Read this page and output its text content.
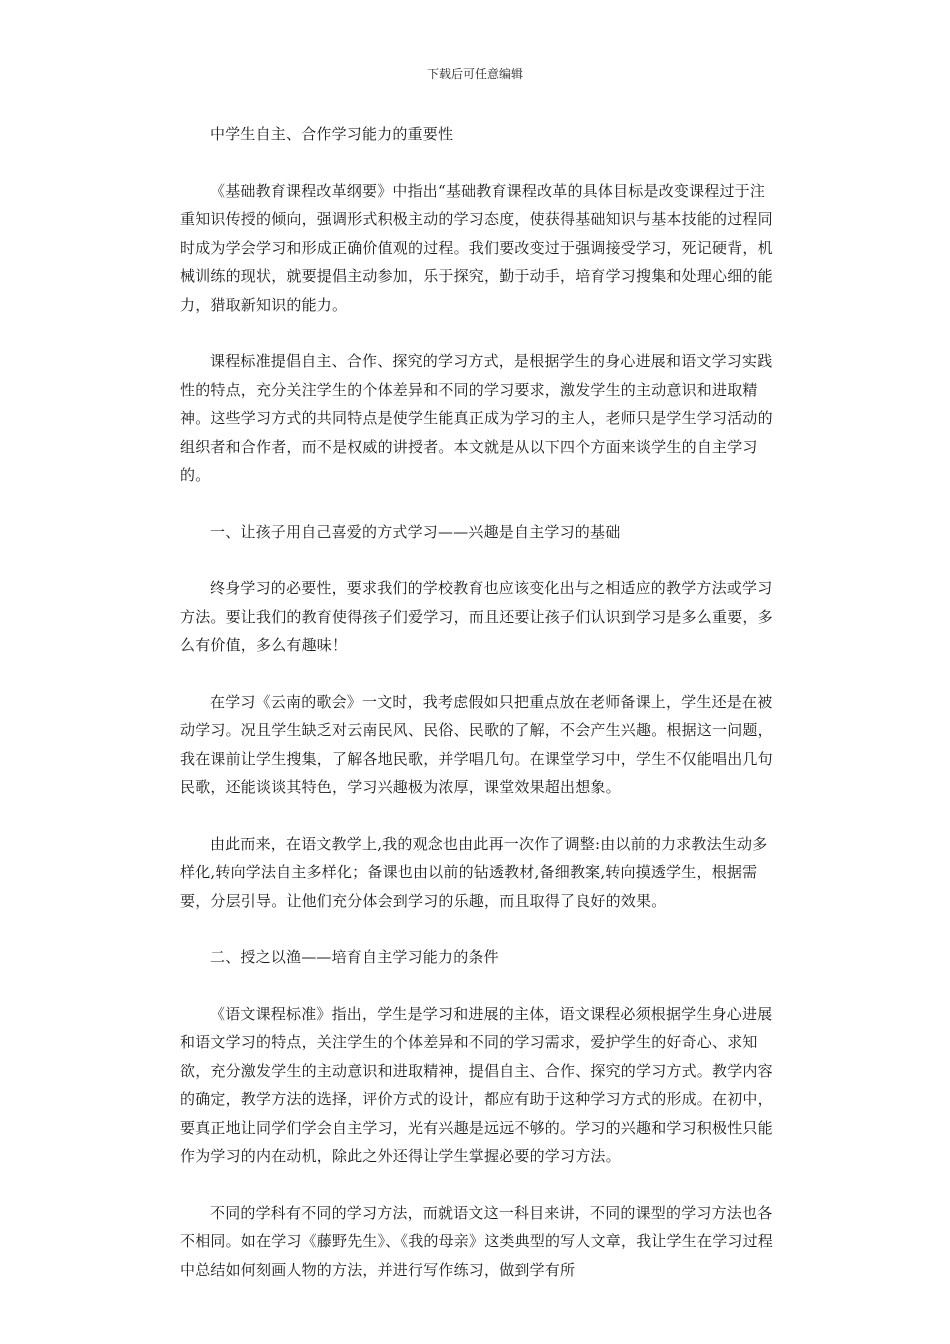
下载后可任意编辑

中学生自主、合作学习能力的重要性

《基础教育课程改革纲要》中指出“基础教育课程改革的具体目标是改变课程过于注重知识传授的倾向，强调形式积极主动的学习态度，使获得基础知识与基本技能的过程同时成为学会学习和形成正确价值观的过程。我们要改变过于强调接受学习，死记硬背，机械训练的现状，就要提倡主动参加，乐于探究，勤于动手，培育学习搜集和处理心细的能力，猎取新知识的能力。

课程标准提倡自主、合作、探究的学习方式，是根据学生的身心进展和语文学习实践性的特点，充分关注学生的个体差异和不同的学习要求，激发学生的主动意识和进取精神。这些学习方式的共同特点是使学生能真正成为学习的主人，老师只是学生学习活动的组织者和合作者，而不是权威的讲授者。本文就是从以下四个方面来谈学生的自主学习的。

一、让孩子用自己喜爱的方式学习——兴趣是自主学习的基础

终身学习的必要性，要求我们的学校教育也应该变化出与之相适应的教学方法或学习方法。要让我们的教育使得孩子们爱学习，而且还要让孩子们认识到学习是多么重要，多么有价值，多么有趣味！

在学习《云南的歌会》一文时，我考虑假如只把重点放在老师备课上，学生还是在被动学习。况且学生缺乏对云南民风、民俗、民歌的了解，不会产生兴趣。根据这一问题，我在课前让学生搜集，了解各地民歌，并学唱几句。在课堂学习中，学生不仅能唱出几句民歌，还能谈谈其特色，学习兴趣极为浓厚，课堂效果超出想象。

由此而来，在语文教学上,我的观念也由此再一次作了调整:由以前的力求教法生动多样化,转向学法自主多样化；备课也由以前的钻透教材,备细教案,转向摸透学生，根据需要，分层引导。让他们充分体会到学习的乐趣，而且取得了良好的效果。

二、授之以渔——培育自主学习能力的条件

《语文课程标准》指出，学生是学习和进展的主体，语文课程必须根据学生身心进展和语文学习的特点，关注学生的个体差异和不同的学习需求，爱护学生的好奇心、求知欲，充分激发学生的主动意识和进取精神，提倡自主、合作、探究的学习方式。教学内容的确定，教学方法的选择，评价方式的设计，都应有助于这种学习方式的形成。在初中，要真正地让同学们学会自主学习，光有兴趣是远远不够的。学习的兴趣和学习积极性只能作为学习的内在动机，除此之外还得让学生掌握必要的学习方法。

不同的学科有不同的学习方法，而就语文这一科目来讲，不同的课型的学习方法也各不相同。如在学习《藤野先生》、《我的母亲》这类典型的写人文章，我让学生在学习过程中总结如何刻画人物的方法，并进行写作练习，做到学有所
